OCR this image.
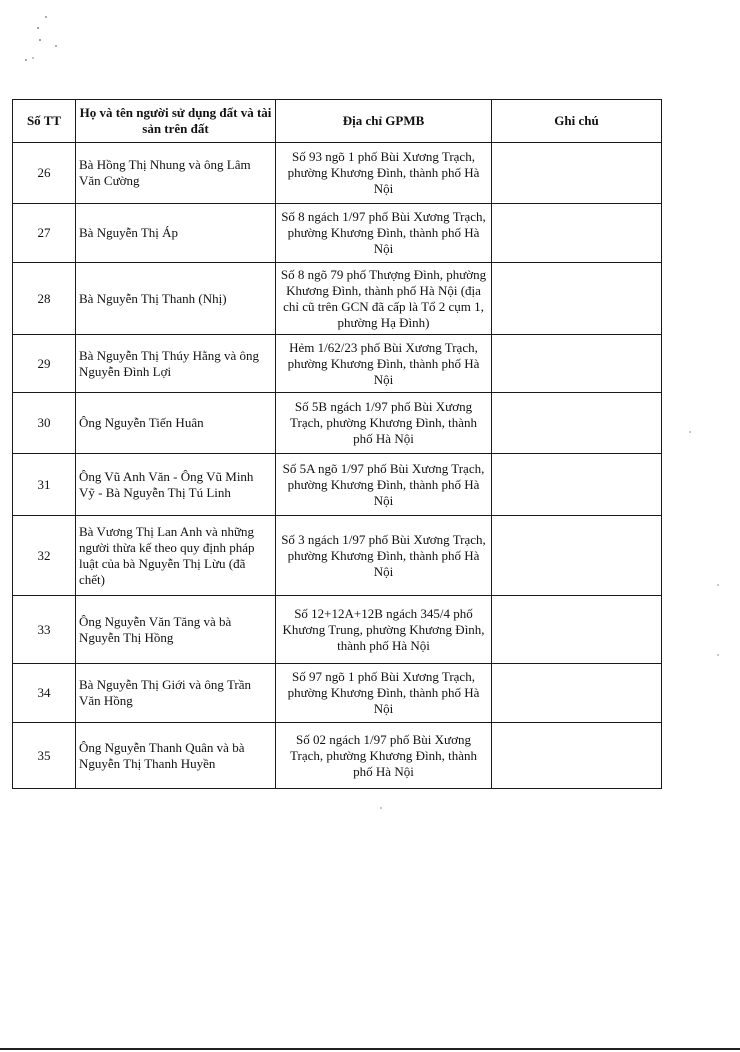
Số TT	Họ và tên người sử dụng đất và tài sản trên đất	Địa chỉ GPMB	Ghi chú
26	Bà Hồng Thị Nhung và ông Lâm Văn Cường	Số 93 ngõ 1 phố Bùi Xương Trạch, phường Khương Đình, thành phố Hà Nội	
27	Bà Nguyễn Thị Áp	Số 8 ngách 1/97 phố Bùi Xương Trạch, phường Khương Đình, thành phố Hà Nội	
28	Bà Nguyễn Thị Thanh (Nhị)	Số 8 ngõ 79 phố Thượng Đình, phường Khương Đình, thành phố Hà Nội (địa chỉ cũ trên GCN đã cấp là Tổ 2 cụm 1, phường Hạ Đình)	
29	Bà Nguyễn Thị Thúy Hằng và ông Nguyễn Đình Lợi	Hẻm 1/62/23 phố Bùi Xương Trạch, phường Khương Đình, thành phố Hà Nội	
30	Ông Nguyễn Tiến Huân	Số 5B ngách 1/97 phố Bùi Xương Trạch, phường Khương Đình, thành phố Hà Nội	
31	Ông Vũ Anh Văn - Ông Vũ Minh Vỹ - Bà Nguyễn Thị Tú Linh	Số 5A ngõ 1/97 phố Bùi Xương Trạch, phường Khương Đình, thành phố Hà Nội	
32	Bà Vương Thị Lan Anh và những người thừa kế theo quy định pháp luật của bà Nguyễn Thị Lừu (đã chết)	Số 3 ngách 1/97 phố Bùi Xương Trạch, phường Khương Đình, thành phố Hà Nội	
33	Ông Nguyễn Văn Tăng và bà Nguyễn Thị Hồng	Số 12+12A+12B ngách 345/4 phố Khương Trung, phường Khương Đình, thành phố Hà Nội	
34	Bà Nguyễn Thị Giới và ông Trần Văn Hồng	Số 97 ngõ 1 phố Bùi Xương Trạch, phường Khương Đình, thành phố Hà Nội	
35	Ông Nguyễn Thanh Quân và bà Nguyễn Thị Thanh Huyền	Số 02 ngách 1/97 phố Bùi Xương Trạch, phường Khương Đình, thành phố Hà Nội	
